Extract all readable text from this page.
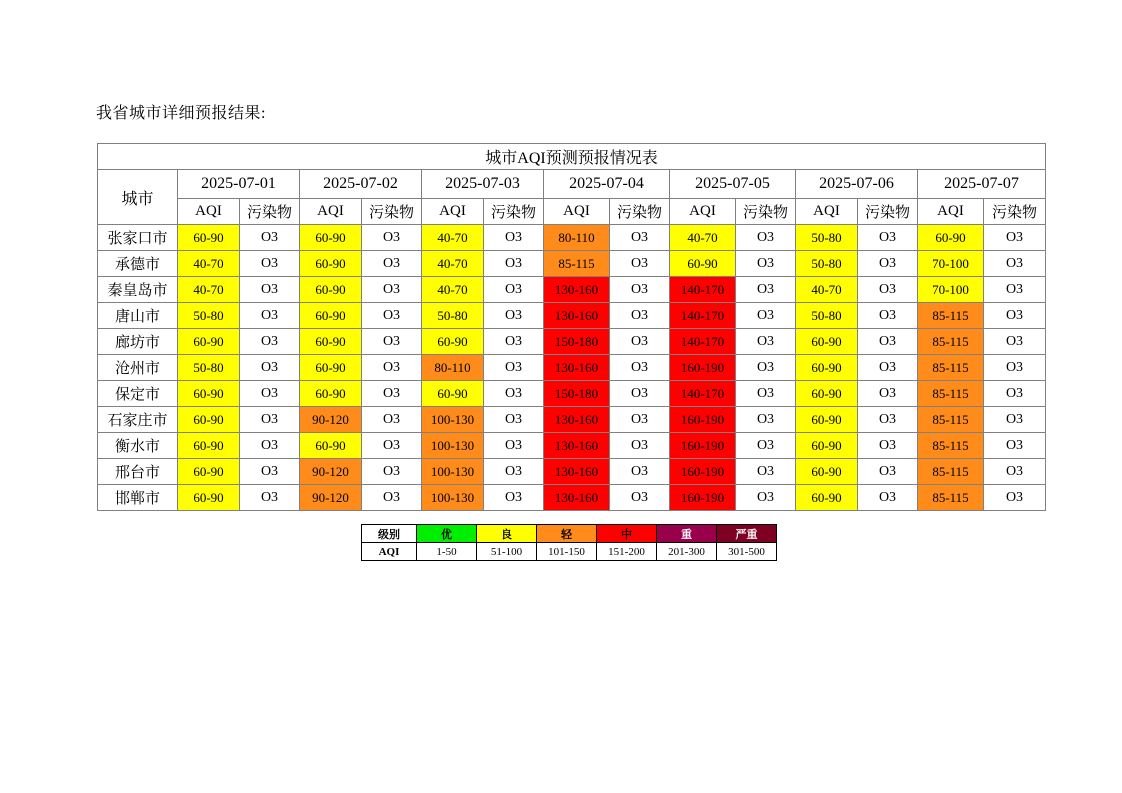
我省城市详细预报结果:
城市AQI预测预报情况表														
城市	2025-07-01		2025-07-02		2025-07-03		2025-07-04		2025-07-05		2025-07-06		2025-07-07	
	AQI	污染物	AQI	污染物	AQI	污染物	AQI	污染物	AQI	污染物	AQI	污染物	AQI	污染物
张家口市	60-90	O3	60-90	O3	40-70	O3	80-110	O3	40-70	O3	50-80	O3	60-90	O3
承德市	40-70	O3	60-90	O3	40-70	O3	85-115	O3	60-90	O3	50-80	O3	70-100	O3
秦皇岛市	40-70	O3	60-90	O3	40-70	O3	130-160	O3	140-170	O3	40-70	O3	70-100	O3
唐山市	50-80	O3	60-90	O3	50-80	O3	130-160	O3	140-170	O3	50-80	O3	85-115	O3
廊坊市	60-90	O3	60-90	O3	60-90	O3	150-180	O3	140-170	O3	60-90	O3	85-115	O3
沧州市	50-80	O3	60-90	O3	80-110	O3	130-160	O3	160-190	O3	60-90	O3	85-115	O3
保定市	60-90	O3	60-90	O3	60-90	O3	150-180	O3	140-170	O3	60-90	O3	85-115	O3
石家庄市	60-90	O3	90-120	O3	100-130	O3	130-160	O3	160-190	O3	60-90	O3	85-115	O3
衡水市	60-90	O3	60-90	O3	100-130	O3	130-160	O3	160-190	O3	60-90	O3	85-115	O3
邢台市	60-90	O3	90-120	O3	100-130	O3	130-160	O3	160-190	O3	60-90	O3	85-115	O3
邯郸市	60-90	O3	90-120	O3	100-130	O3	130-160	O3	160-190	O3	60-90	O3	85-115	O3
级别	优	良	轻	中	重	严重
AQI	1-50	51-100	101-150	151-200	201-300	301-500
